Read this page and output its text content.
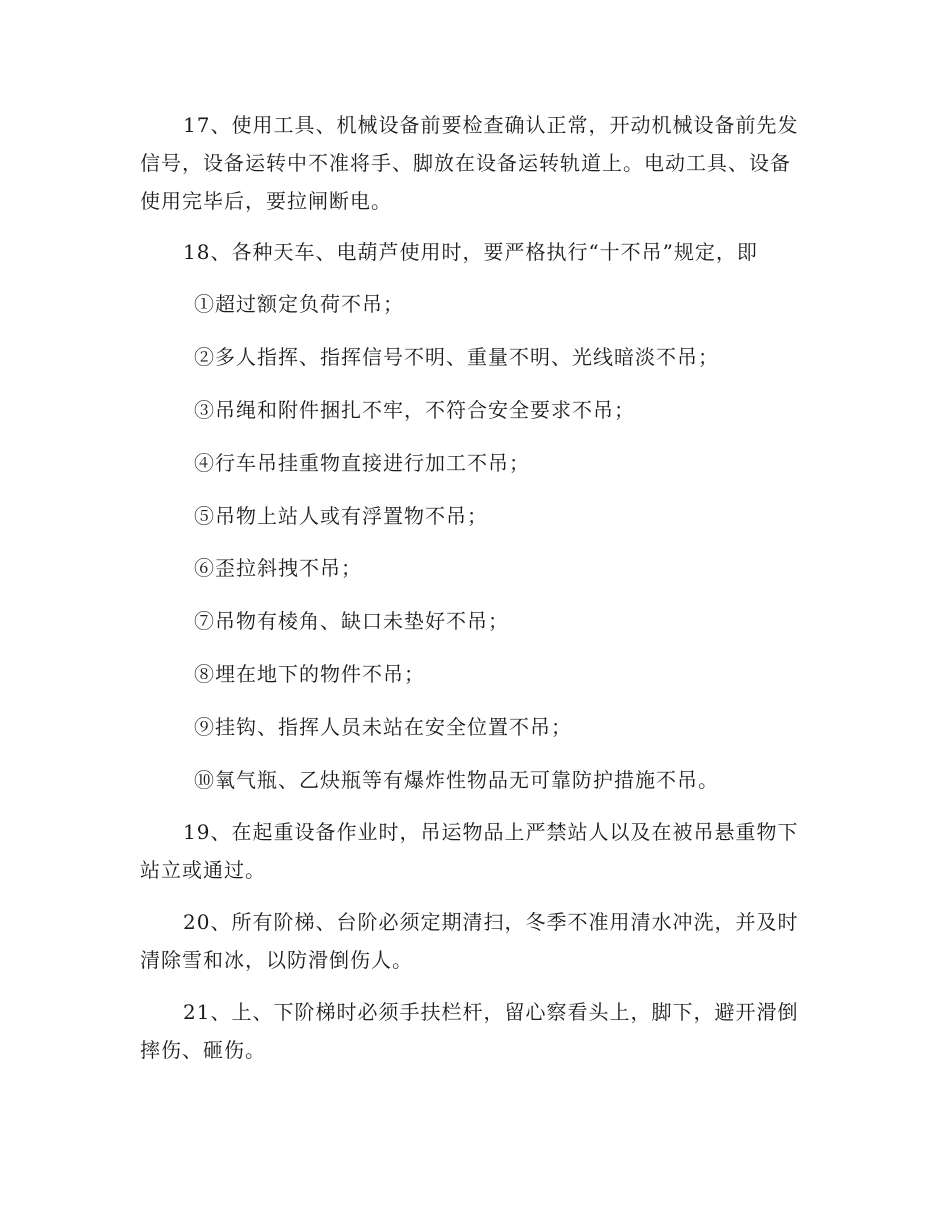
17、使用工具、机械设备前要检查确认正常，开动机械设备前先发信号，设备运转中不准将手、脚放在设备运转轨道上。电动工具、设备使用完毕后，要拉闸断电。

18、各种天车、电葫芦使用时，要严格执行“十不吊”规定，即

①超过额定负荷不吊；

②多人指挥、指挥信号不明、重量不明、光线暗淡不吊；

③吊绳和附件捆扎不牢，不符合安全要求不吊；

④行车吊挂重物直接进行加工不吊；

⑤吊物上站人或有浮置物不吊；

⑥歪拉斜拽不吊；

⑦吊物有棱角、缺口未垫好不吊；

⑧埋在地下的物件不吊；

⑨挂钩、指挥人员未站在安全位置不吊；

⑩氧气瓶、乙炔瓶等有爆炸性物品无可靠防护措施不吊。

19、在起重设备作业时，吊运物品上严禁站人以及在被吊悬重物下站立或通过。

20、所有阶梯、台阶必须定期清扫，冬季不准用清水冲洗，并及时清除雪和冰，以防滑倒伤人。

21、上、下阶梯时必须手扶栏杆，留心察看头上，脚下，避开滑倒摔伤、砸伤。
